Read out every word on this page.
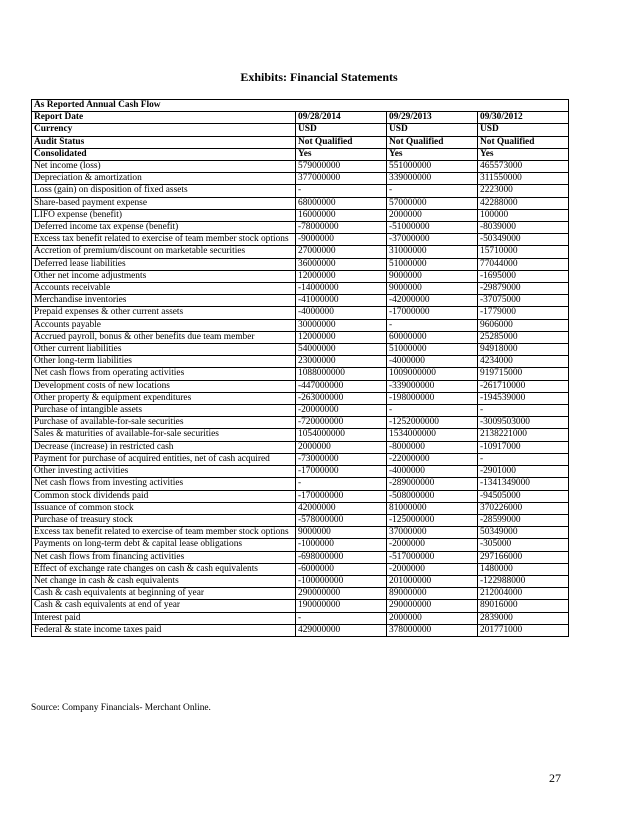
Exhibits: Financial Statements
As Reported Annual Cash Flow			
Report Date	09/28/2014	09/29/2013	09/30/2012
Currency	USD	USD	USD
Audit Status	Not Qualified	Not Qualified	Not Qualified
Consolidated	Yes	Yes	Yes
Net income (loss)	579000000	551000000	465573000
Depreciation & amortization	377000000	339000000	311550000
Loss (gain) on disposition of fixed assets	-	-	2223000
Share-based payment expense	68000000	57000000	42288000
LIFO expense (benefit)	16000000	2000000	100000
Deferred income tax expense (benefit)	-78000000	-51000000	-8039000
Excess tax benefit related to exercise of team member stock options	-9000000	-37000000	-50349000
Accretion of premium/discount on marketable securities	27000000	31000000	15710000
Deferred lease liabilities	36000000	51000000	77044000
Other net income adjustments	12000000	9000000	-1695000
Accounts receivable	-14000000	9000000	-29879000
Merchandise inventories	-41000000	-42000000	-37075000
Prepaid expenses & other current assets	-4000000	-17000000	-1779000
Accounts payable	30000000	-	9606000
Accrued payroll, bonus & other benefits due team member	12000000	60000000	25285000
Other current liabilities	54000000	51000000	94918000
Other long-term liabilities	23000000	-4000000	4234000
Net cash flows from operating activities	1088000000	1009000000	919715000
Development costs of new locations	-447000000	-339000000	-261710000
Other property & equipment expenditures	-263000000	-198000000	-194539000
Purchase of intangible assets	-20000000	-	-
Purchase of available-for-sale securities	-720000000	-1252000000	-3009503000
Sales & maturities of available-for-sale securities	1054000000	1534000000	2138221000
Decrease (increase) in restricted cash	2000000	-8000000	-10917000
Payment for purchase of acquired entities, net of cash acquired	-73000000	-22000000	-
Other investing activities	-17000000	-4000000	-2901000
Net cash flows from investing activities	-	-289000000	-1341349000
Common stock dividends paid	-170000000	-508000000	-94505000
Issuance of common stock	42000000	81000000	370226000
Purchase of treasury stock	-578000000	-125000000	-28599000
Excess tax benefit related to exercise of team member stock options	9000000	37000000	50349000
Payments on long-term debt & capital lease obligations	-1000000	-2000000	-305000
Net cash flows from financing activities	-698000000	-517000000	297166000
Effect of exchange rate changes on cash & cash equivalents	-6000000	-2000000	1480000
Net change in cash & cash equivalents	-100000000	201000000	-122988000
Cash & cash equivalents at beginning of year	290000000	89000000	212004000
Cash & cash equivalents at end of year	190000000	290000000	89016000
Interest paid	-	2000000	2839000
Federal & state income taxes paid	429000000	378000000	201771000
Source: Company Financials- Merchant Online.
27
